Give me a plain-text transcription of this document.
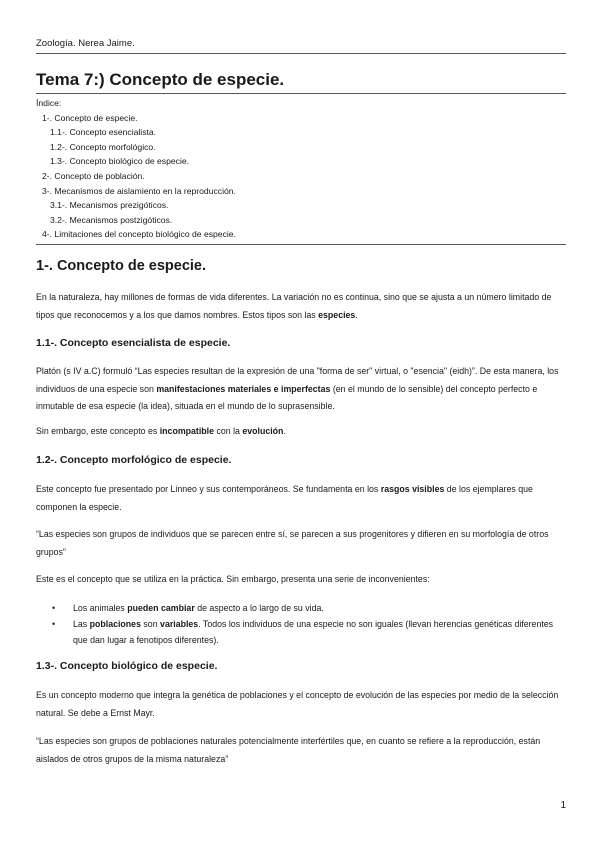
Zoología. Nerea Jaime.
Tema 7:) Concepto de especie.
Índice:
1-. Concepto de especie.
1.1-. Concepto esencialista.
1.2-. Concepto morfológico.
1.3-. Concepto biológico de especie.
2-. Concepto de población.
3-. Mecanismos de aislamiento en la reproducción.
3.1-. Mecanismos prezigóticos.
3.2-. Mecanismos postzigóticos.
4-. Limitaciones del concepto biológico de especie.
1-. Concepto de especie.
En la naturaleza, hay millones de formas de vida diferentes. La variación no es continua, sino que se ajusta a un número limitado de tipos que reconocemos y a los que damos nombres. Estos tipos son las especies.
1.1-. Concepto esencialista de especie.
Platón (s IV a.C) formuló “Las especies resultan de la expresión de una "forma de ser" virtual, o "esencia" (eidh)”. De esta manera, los individuos de una especie son manifestaciones materiales e imperfectas (en el mundo de lo sensible) del concepto perfecto e inmutable de esa especie (la idea), situada en el mundo de lo suprasensible.
Sin embargo, este concepto es incompatible con la evolución.
1.2-. Concepto morfológico de especie.
Este concepto fue presentado por Linneo y sus contemporáneos. Se fundamenta en los rasgos visibles de los ejemplares que componen la especie.
“Las especies son grupos de individuos que se parecen entre sí, se parecen a sus progenitores y difieren en su morfología de otros grupos”
Este es el concepto que se utiliza en la práctica. Sin embargo, presenta una serie de inconvenientes:
• Los animales pueden cambiar de aspecto a lo largo de su vida.
• Las poblaciones son variables. Todos los individuos de una especie no son iguales (llevan herencias genéticas diferentes que dan lugar a fenotipos diferentes).
1.3-. Concepto biológico de especie.
Es un concepto moderno que integra la genética de poblaciones y el concepto de evolución de las especies por medio de la selección natural. Se debe a Ernst Mayr.
“Las especies son grupos de poblaciones naturales potencialmente interfértiles que, en cuanto se refiere a la reproducción, están aislados de otros grupos de la misma naturaleza”
1
